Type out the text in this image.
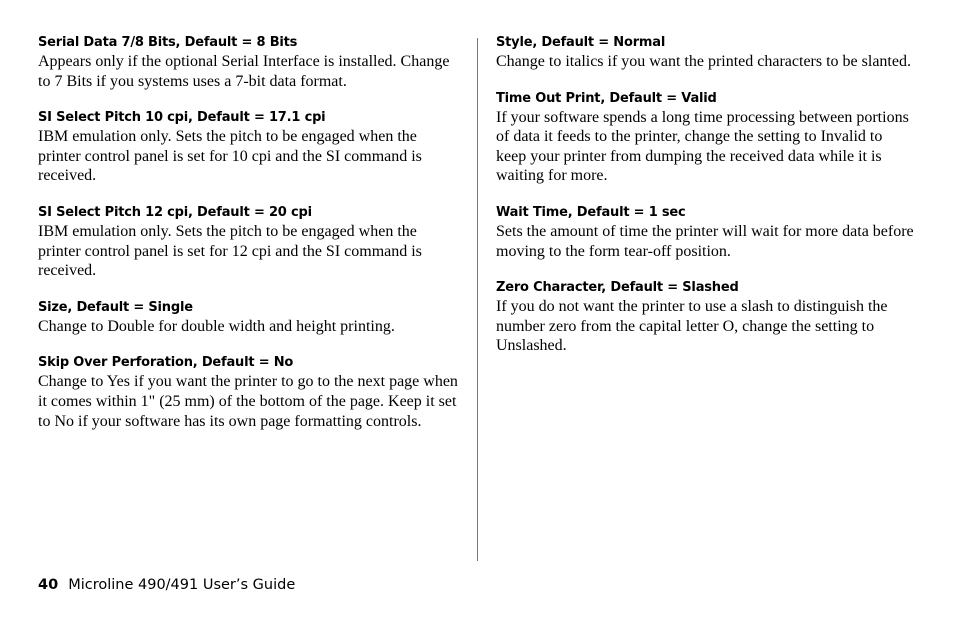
Serial Data 7/8 Bits, Default = 8 Bits

Appears only if the optional Serial Interface is installed. Change to 7 Bits if you systems uses a 7-bit data format.

SI Select Pitch 10 cpi, Default = 17.1 cpi

IBM emulation only. Sets the pitch to be engaged when the printer control panel is set for 10 cpi and the SI command is received.

SI Select Pitch 12 cpi, Default = 20 cpi

IBM emulation only. Sets the pitch to be engaged when the printer control panel is set for 12 cpi and the SI command is received.

Size, Default = Single

Change to Double for double width and height printing.

Skip Over Perforation, Default = No

Change to Yes if you want the printer to go to the next page when it comes within 1" (25 mm) of the bottom of the page. Keep it set to No if your software has its own page formatting controls.

Style, Default = Normal

Change to italics if you want the printed characters to be slanted.

Time Out Print, Default = Valid

If your software spends a long time processing between portions of data it feeds to the printer, change the setting to Invalid to keep your printer from dumping the received data while it is waiting for more.

Wait Time, Default = 1 sec

Sets the amount of time the printer will wait for more data before moving to the form tear-off position.

Zero Character, Default = Slashed

If you do not want the printer to use a slash to distinguish the number zero from the capital letter O, change the setting to Unslashed.

40 Microline 490/491 User’s Guide
